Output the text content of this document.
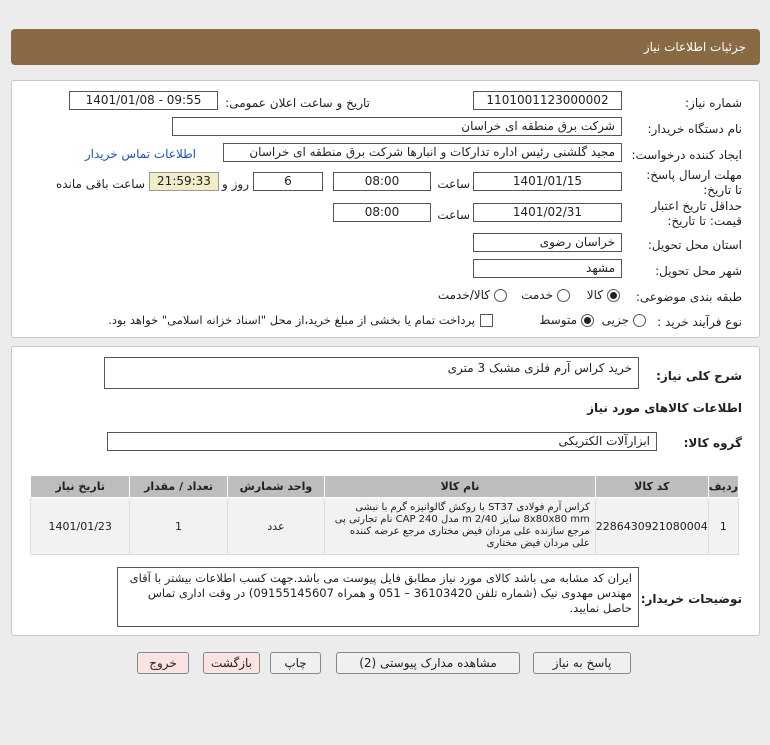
جزئیات اطلاعات نیاز
شماره نیاز:
1101001123000002
تاریخ و ساعت اعلان عمومی:
1401/01/08 - 09:55
نام دستگاه خریدار:
شرکت برق منطقه ای خراسان
ایجاد کننده درخواست:
مجید گلشنی رئیس اداره تداركات و انبارها شرکت برق منطقه ای خراسان
اطلاعات تماس خریدار
مهلت ارسال پاسخ: تا تاریخ:
1401/01/15
ساعت
08:00
6
روز و
21:59:33
ساعت باقی مانده
حداقل تاریخ اعتبار قیمت: تا تاریخ:
1401/02/31
ساعت
08:00
استان محل تحویل:
خراسان رضوی
شهر محل تحویل:
مشهد
طبقه بندی موضوعی:
کالا
خدمت
کالا/خدمت
نوع فرآیند خرید :
جزیی
متوسط
پرداخت تمام یا بخشی از مبلغ خرید،از محل "اسناد خزانه اسلامی" خواهد بود.
شرح کلی نیاز:
خرید کراس آرم فلزی مشبک 3 متری
اطلاعات کالاهای مورد نیاز
گروه کالا:
ابزارآلات الکتریکی
ردیف	کد کالا	نام کالا	واحد شمارش	تعداد / مقدار	تاریخ نیاز
1	2286430921080004	کراس آرم فولادی ST37 با روکش گالوانیزه گرم با نبشی 8x80x80 mm سایز m 2/40 مدل CAP 240 نام تجارتی پی مرجع سازنده علی مردان فیض مختاری مرجع عرضه کننده علی مردان فیض مختاری	عدد	1	1401/01/23
توضیحات خریدار:
ایران کد مشابه می باشد کالای مورد نیاز مطابق فایل پیوست می باشد.جهت کسب اطلاعات بیشتر با آقای مهندس مهدوی نیک (شماره تلفن 36103420 – 051 و همراه 09155145607) در وقت اداری تماس حاصل نمایید.
پاسخ به نیاز
مشاهده مدارک پیوستی (2)
چاپ
بازگشت
خروج
